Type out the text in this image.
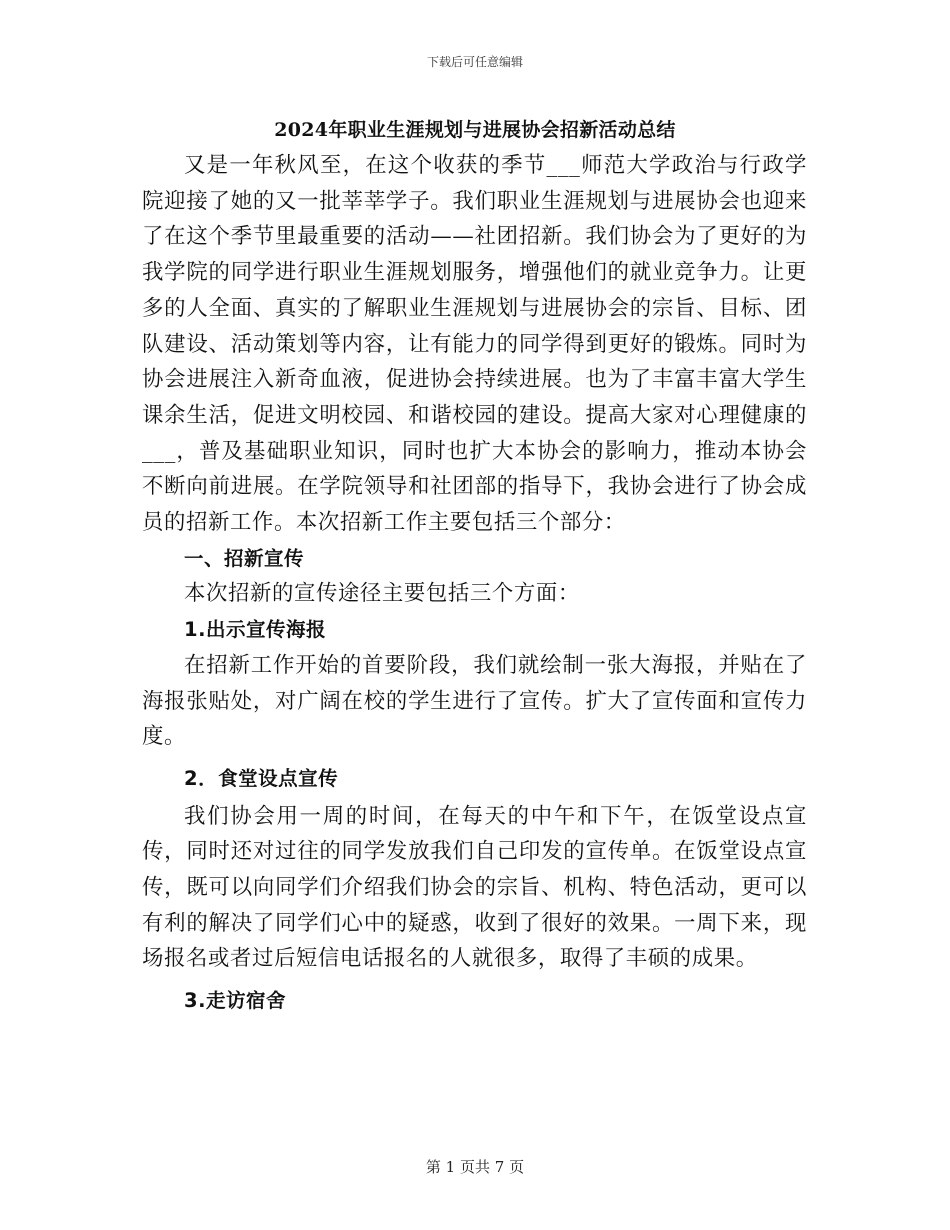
下载后可任意编辑
2024年职业生涯规划与进展协会招新活动总结

又是一年秋风至，在这个收获的季节___师范大学政治与行政学院迎接了她的又一批莘莘学子。我们职业生涯规划与进展协会也迎来了在这个季节里最重要的活动——社团招新。我们协会为了更好的为我学院的同学进行职业生涯规划服务，增强他们的就业竞争力。让更多的人全面、真实的了解职业生涯规划与进展协会的宗旨、目标、团队建设、活动策划等内容，让有能力的同学得到更好的锻炼。同时为协会进展注入新奇血液，促进协会持续进展。也为了丰富丰富大学生课余生活，促进文明校园、和谐校园的建设。提高大家对心理健康的___，普及基础职业知识，同时也扩大本协会的影响力，推动本协会不断向前进展。在学院领导和社团部的指导下，我协会进行了协会成员的招新工作。本次招新工作主要包括三个部分：

一、招新宣传

本次招新的宣传途径主要包括三个方面：

1.出示宣传海报

在招新工作开始的首要阶段，我们就绘制一张大海报，并贴在了海报张贴处，对广阔在校的学生进行了宣传。扩大了宣传面和宣传力度。

2．食堂设点宣传

我们协会用一周的时间，在每天的中午和下午，在饭堂设点宣传，同时还对过往的同学发放我们自己印发的宣传单。在饭堂设点宣传，既可以向同学们介绍我们协会的宗旨、机构、特色活动，更可以有利的解决了同学们心中的疑惑，收到了很好的效果。一周下来，现场报名或者过后短信电话报名的人就很多，取得了丰硕的成果。

3.走访宿舍

第 1 页共 7 页
